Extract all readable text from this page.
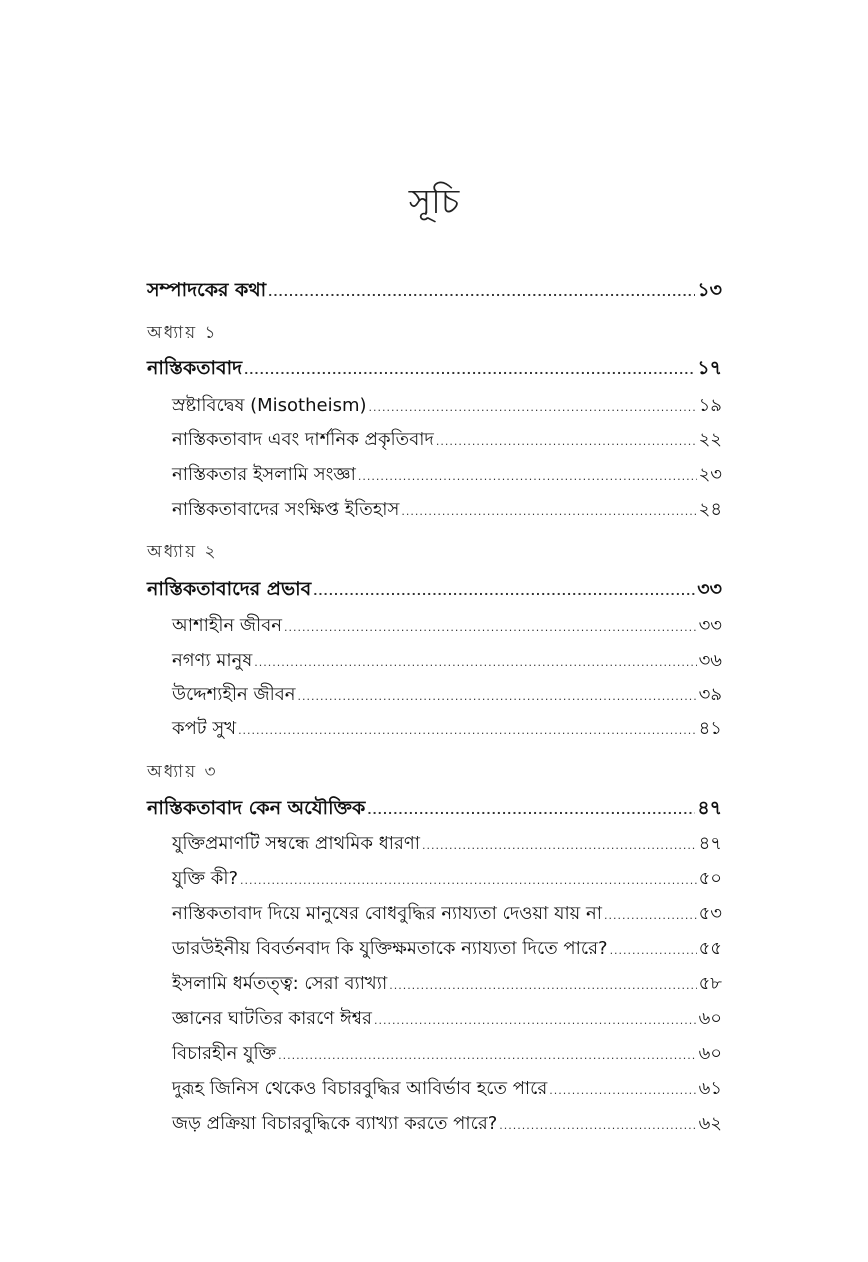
সূচি
সম্পাদকের কথা .....	১৩
অধ্যায় ১
নাস্তিকতাবাদ .....	১৭
স্রষ্টাবিদ্বেষ (Misotheism) .....	১৯
নাস্তিকতাবাদ এবং দার্শনিক প্রকৃতিবাদ .....	২২
নাস্তিকতার ইসলামি সংজ্ঞা .....	২৩
নাস্তিকতাবাদের সংক্ষিপ্ত ইতিহাস .....	২৪
অধ্যায় ২
নাস্তিকতাবাদের প্রভাব .....	৩৩
আশাহীন জীবন .....	৩৩
নগণ্য মানুষ .....	৩৬
উদ্দেশ্যহীন জীবন .....	৩৯
কপট সুখ .....	৪১
অধ্যায় ৩
নাস্তিকতাবাদ কেন অযৌক্তিক .....	৪৭
যুক্তিপ্রমাণটি সম্বন্ধে প্রাথমিক ধারণা .....	৪৭
যুক্তি কী? .....	৫০
নাস্তিকতাবাদ দিয়ে মানুষের বোধবুদ্ধির ন্যায্যতা দেওয়া যায় না .....	৫৩
ডারউইনীয় বিবর্তনবাদ কি যুক্তিক্ষমতাকে ন্যায্যতা দিতে পারে? .....	৫৫
ইসলামি ধর্মতত্ত্ব: সেরা ব্যাখ্যা .....	৫৮
জ্ঞানের ঘাটতির কারণে ঈশ্বর .....	৬০
বিচারহীন যুক্তি .....	৬০
দুরূহ জিনিস থেকেও বিচারবুদ্ধির আবির্ভাব হতে পারে .....	৬১
জড় প্রক্রিয়া বিচারবুদ্ধিকে ব্যাখ্যা করতে পারে? .....	৬২
